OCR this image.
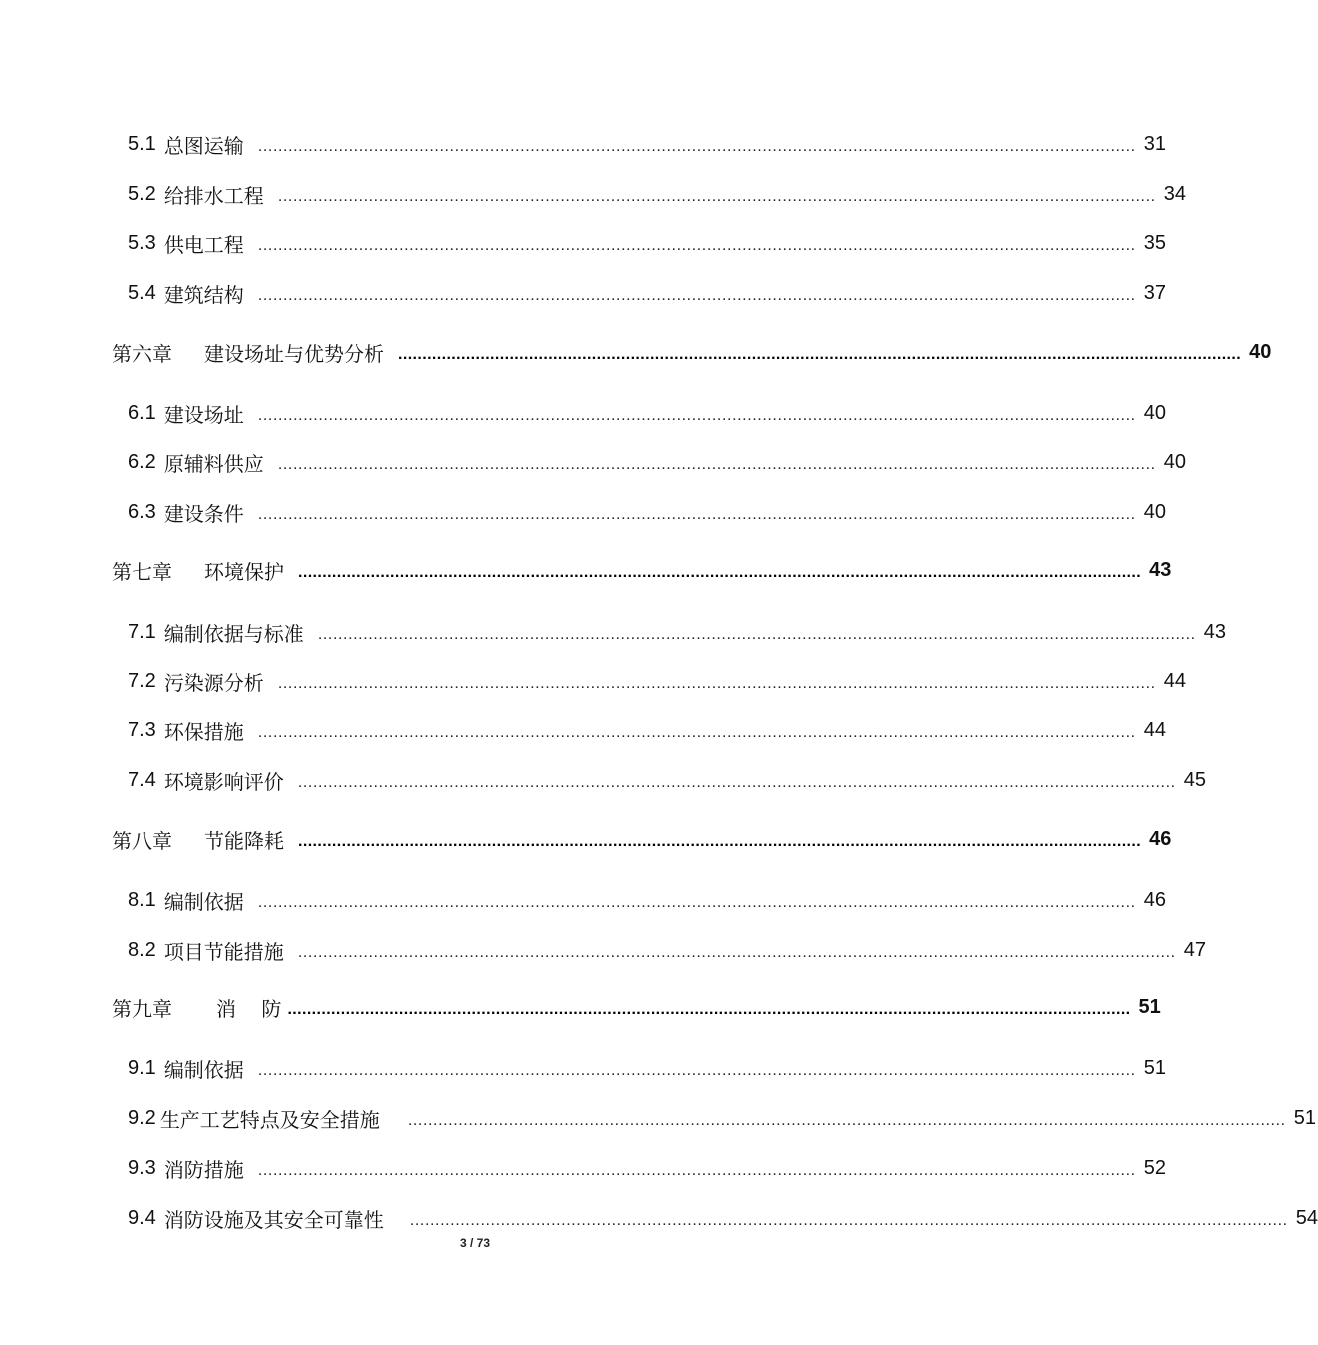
5.1 总图运输 .............................................................................................................................................................................. 31
5.2 给排水工程 .............................................................................................................................................................................. 34
5.3 供电工程 .............................................................................................................................................................................. 35
5.4 建筑结构 .............................................................................................................................................................................. 37
第六章 建设场址与优势分析 .............................................................................................................................................................................. 40
6.1 建设场址 .............................................................................................................................................................................. 40
6.2 原辅料供应 .............................................................................................................................................................................. 40
6.3 建设条件 .............................................................................................................................................................................. 40
第七章 环境保护 .............................................................................................................................................................................. 43
7.1 编制依据与标准 .............................................................................................................................................................................. 43
7.2 污染源分析 .............................................................................................................................................................................. 44
7.3 环保措施 .............................................................................................................................................................................. 44
7.4 环境影响评价 .............................................................................................................................................................................. 45
第八章 节能降耗 .............................................................................................................................................................................. 46
8.1 编制依据 .............................................................................................................................................................................. 46
8.2 项目节能措施 .............................................................................................................................................................................. 47
第九章 消    防 .............................................................................................................................................................................. 51
9.1 编制依据 .............................................................................................................................................................................. 51
9.2 生产工艺特点及安全措施 .............................................................................................................................................................................. 51
9.3 消防措施 .............................................................................................................................................................................. 52
9.4 消防设施及其安全可靠性 .............................................................................................................................................................................. 54
3 / 73
